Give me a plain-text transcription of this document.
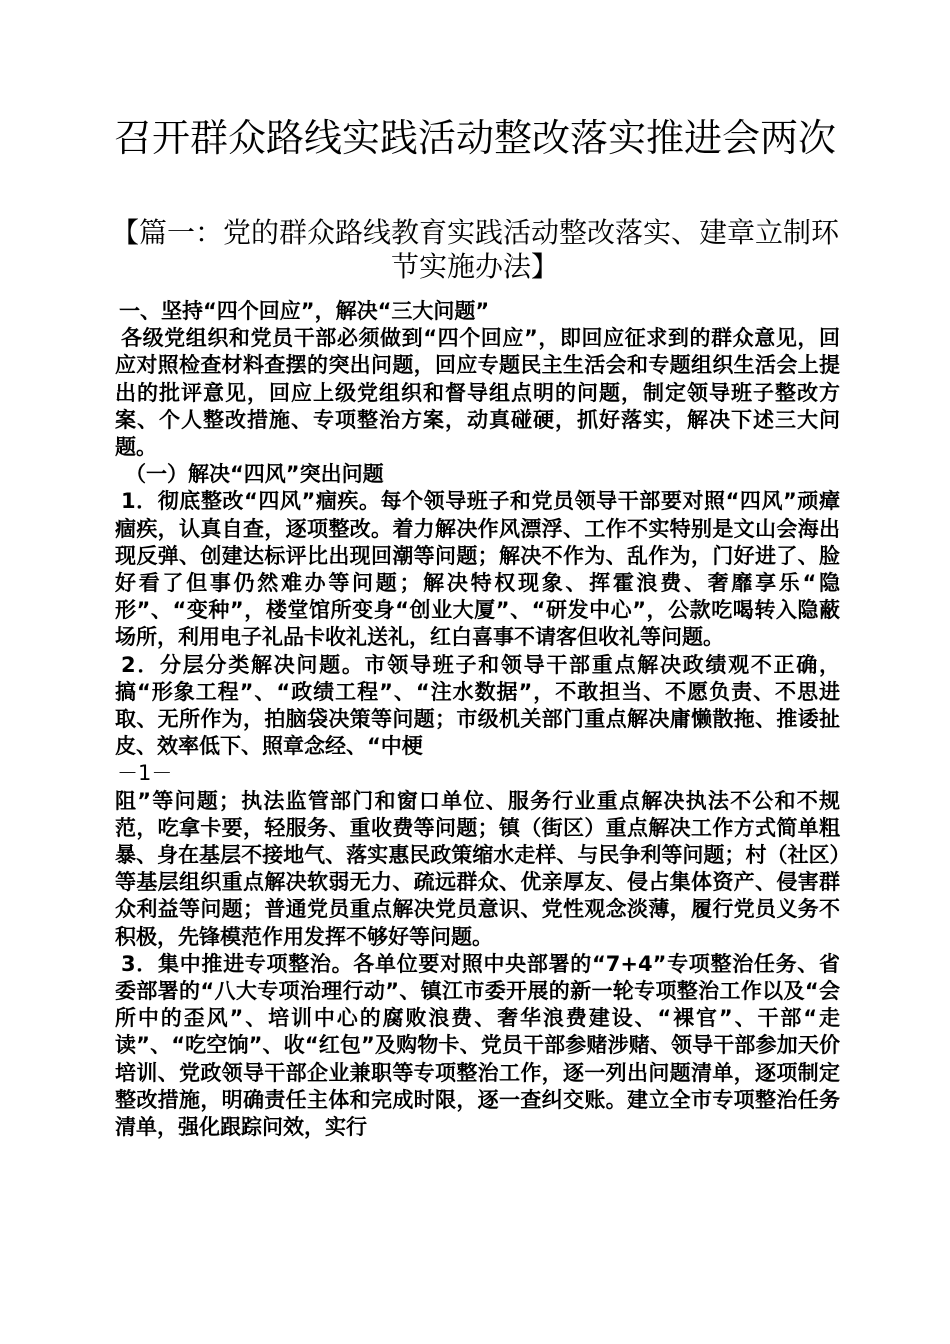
召开群众路线实践活动整改落实推进会两次
【篇一：党的群众路线教育实践活动整改落实、建章立制环节实施办法】

一、坚持“四个回应”，解决“三大问题”

各级党组织和党员干部必须做到“四个回应”，即回应征求到的群众意见，回应对照检查材料查摆的突出问题，回应专题民主生活会和专题组织生活会上提出的批评意见，回应上级党组织和督导组点明的问题，制定领导班子整改方案、个人整改措施、专项整治方案，动真碰硬，抓好落实，解决下述三大问题。

（一）解决“四风”突出问题

1．彻底整改“四风”痼疾。每个领导班子和党员领导干部要对照“四风”顽瘴痼疾，认真自查，逐项整改。着力解决作风漂浮、工作不实特别是文山会海出现反弹、创建达标评比出现回潮等问题；解决不作为、乱作为，门好进了、脸好看了但事仍然难办等问题；解决特权现象、挥霍浪费、奢靡享乐“隐形”、“变种”，楼堂馆所变身“创业大厦”、“研发中心”，公款吃喝转入隐蔽场所，利用电子礼品卡收礼送礼，红白喜事不请客但收礼等问题。

2．分层分类解决问题。市领导班子和领导干部重点解决政绩观不正确，搞“形象工程”、“政绩工程”、“注水数据”，不敢担当、不愿负责、不思进取、无所作为，拍脑袋决策等问题；市级机关部门重点解决庸懒散拖、推诿扯皮、效率低下、照章念经、“中梗

－1－

阻”等问题；执法监管部门和窗口单位、服务行业重点解决执法不公和不规范，吃拿卡要，轻服务、重收费等问题；镇（街区）重点解决工作方式简单粗暴、身在基层不接地气、落实惠民政策缩水走样、与民争利等问题；村（社区）等基层组织重点解决软弱无力、疏远群众、优亲厚友、侵占集体资产、侵害群众利益等问题；普通党员重点解决党员意识、党性观念淡薄，履行党员义务不积极，先锋模范作用发挥不够好等问题。

3．集中推进专项整治。各单位要对照中央部署的“7+4”专项整治任务、省委部署的“八大专项治理行动”、镇江市委开展的新一轮专项整治工作以及“会所中的歪风”、培训中心的腐败浪费、奢华浪费建设、“裸官”、干部“走读”、“吃空饷”、收“红包”及购物卡、党员干部参赌涉赌、领导干部参加天价培训、党政领导干部企业兼职等专项整治工作，逐一列出问题清单，逐项制定整改措施，明确责任主体和完成时限，逐一查纠交账。建立全市专项整治任务清单，强化跟踪问效，实行
